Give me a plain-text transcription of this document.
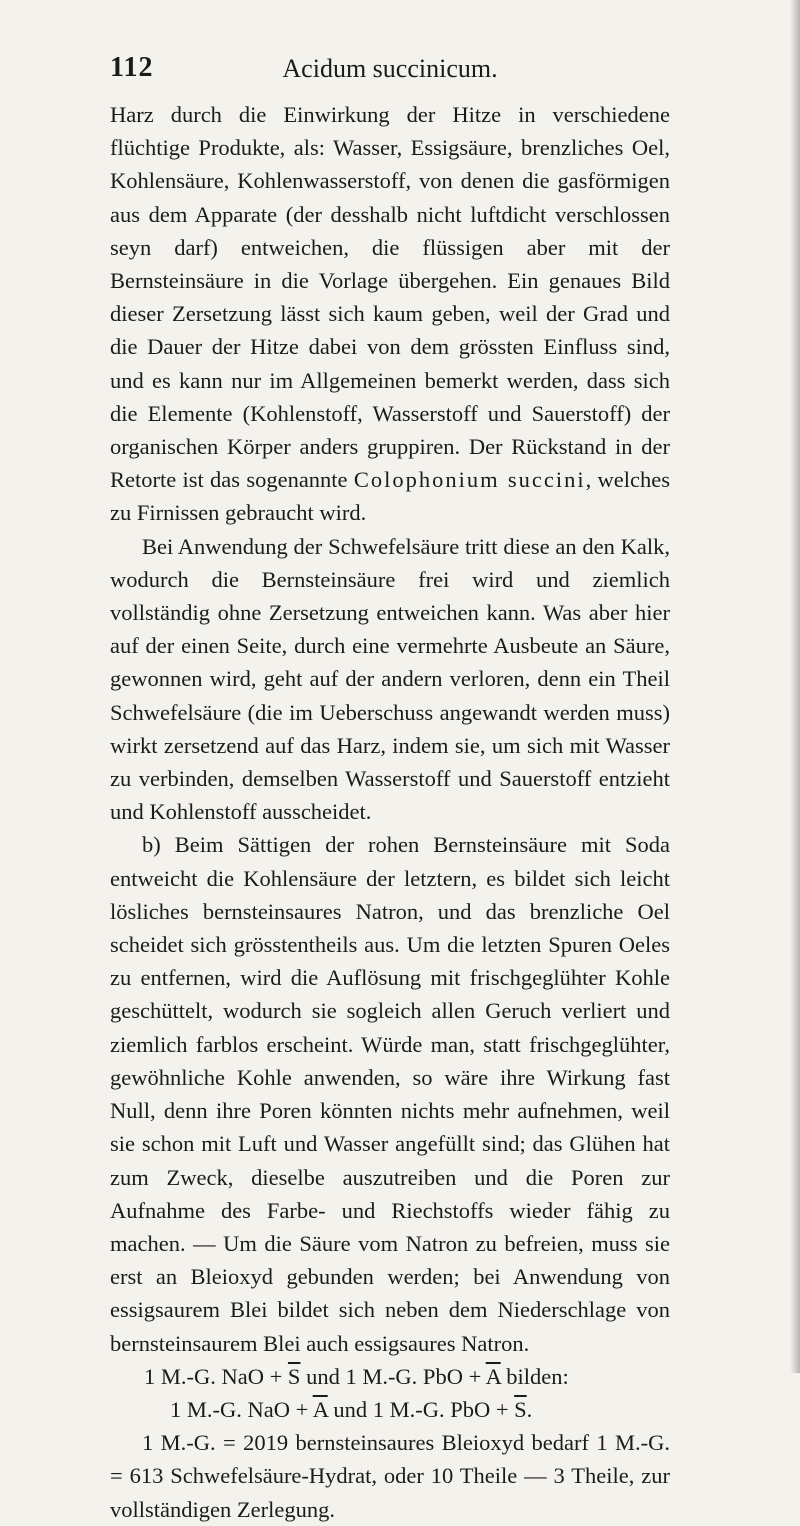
112	Acidum succinicum.

Harz durch die Einwirkung der Hitze in verschiedene flüchtige Produkte, als: Wasser, Essigsäure, brenzliches Oel, Kohlensäure, Kohlenwasserstoff, von denen die gasförmigen aus dem Apparate (der desshalb nicht luftdicht verschlossen seyn darf) entweichen, die flüssigen aber mit der Bernsteinsäure in die Vorlage übergehen. Ein genaues Bild dieser Zersetzung lässt sich kaum geben, weil der Grad und die Dauer der Hitze dabei von dem grössten Einfluss sind, und es kann nur im Allgemeinen bemerkt werden, dass sich die Elemente (Kohlenstoff, Wasserstoff und Sauerstoff) der organischen Körper anders gruppiren. Der Rückstand in der Retorte ist das sogenannte Colophonium succini, welches zu Firnissen gebraucht wird.

Bei Anwendung der Schwefelsäure tritt diese an den Kalk, wodurch die Bernsteinsäure frei wird und ziemlich vollständig ohne Zersetzung entweichen kann. Was aber hier auf der einen Seite, durch eine vermehrte Ausbeute an Säure, gewonnen wird, geht auf der andern verloren, denn ein Theil Schwefelsäure (die im Ueberschuss angewandt werden muss) wirkt zersetzend auf das Harz, indem sie, um sich mit Wasser zu verbinden, demselben Wasserstoff und Sauerstoff entzieht und Kohlenstoff ausscheidet.

b) Beim Sättigen der rohen Bernsteinsäure mit Soda entweicht die Kohlensäure der letztern, es bildet sich leicht lösliches bernsteinsaures Natron, und das brenzliche Oel scheidet sich grösstentheils aus. Um die letzten Spuren Oeles zu entfernen, wird die Auflösung mit frischgeglühter Kohle geschüttelt, wodurch sie sogleich allen Geruch verliert und ziemlich farblos erscheint. Würde man, statt frischgeglühter, gewöhnliche Kohle anwenden, so wäre ihre Wirkung fast Null, denn ihre Poren könnten nichts mehr aufnehmen, weil sie schon mit Luft und Wasser angefüllt sind; das Glühen hat zum Zweck, dieselbe auszutreiben und die Poren zur Aufnahme des Farbe- und Riechstoffs wieder fähig zu machen. — Um die Säure vom Natron zu befreien, muss sie erst an Bleioxyd gebunden werden; bei Anwendung von essigsaurem Blei bildet sich neben dem Niederschlage von bernsteinsaurem Blei auch essigsaures Natron.

1 M.-G. NaO + $\overline{S}$ und 1 M.-G. PbO + $\overline{A}$ bilden:

1 M.-G. NaO + $\overline{A}$ und 1 M.-G. PbO + $\overline{S}$.

1 M.-G. = 2019 bernsteinsaures Bleioxyd bedarf 1 M.-G. = 613 Schwefelsäure-Hydrat, oder 10 Theile — 3 Theile, zur vollständigen Zerlegung.
